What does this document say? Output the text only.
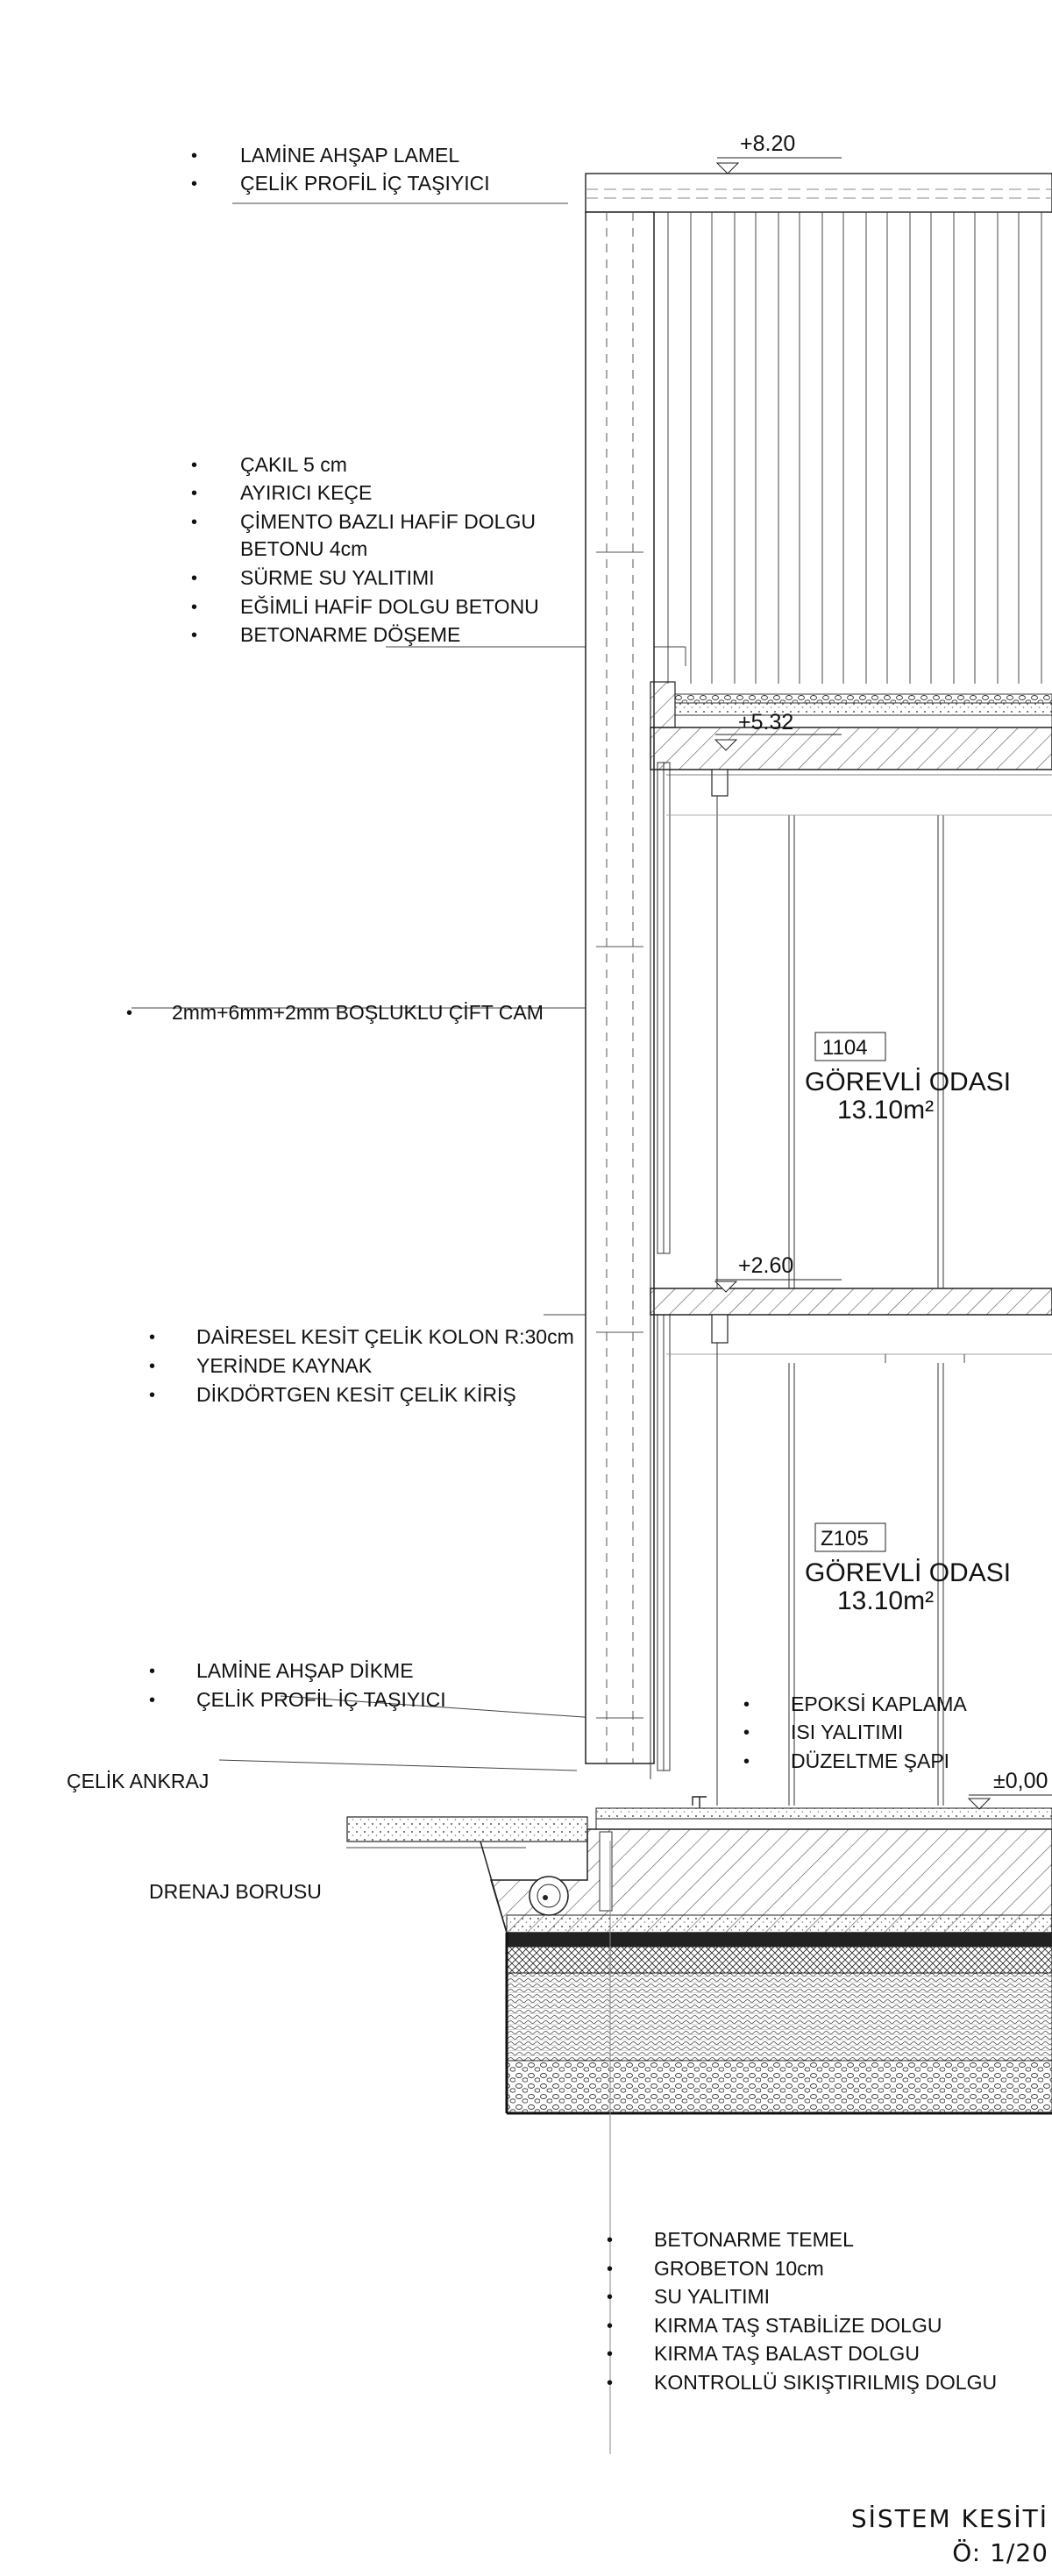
+8.20
+5.32
+2.60
±0,00
1104
GÖREVLİ ODASI
13.10m²
Z105
GÖREVLİ ODASI
13.10m²
• LAMİNE AHŞAP LAMEL
• ÇELİK PROFİL İÇ TAŞIYICI
• ÇAKIL 5 cm
• AYIRICI KEÇE
• ÇİMENTO BAZLI HAFİF DOLGU
BETONU 4cm
• SÜRME SU YALITIMI
• EĞİMLİ HAFİF DOLGU BETONU
• BETONARME DÖŞEME
• 2mm+6mm+2mm BOŞLUKLU ÇİFT CAM
• DAİRESEL KESİT ÇELİK KOLON R:30cm
• YERİNDE KAYNAK
• DİKDÖRTGEN KESİT ÇELİK KİRİŞ
• LAMİNE AHŞAP DİKME
• ÇELİK PROFİL İÇ TAŞIYICI	• EPOKSİ KAPLAMA
• ISI YALITIMI
• DÜZELTME ŞAPI
ÇELİK ANKRAJ
DRENAJ BORUSU
• BETONARME TEMEL
• GROBETON 10cm
• SU YALITIMI
• KIRMA TAŞ STABİLİZE DOLGU
• KIRMA TAŞ BALAST DOLGU
• KONTROLLÜ SIKIŞTIRILMIŞ DOLGU
SİSTEM KESİTİ
Ö: 1/20
